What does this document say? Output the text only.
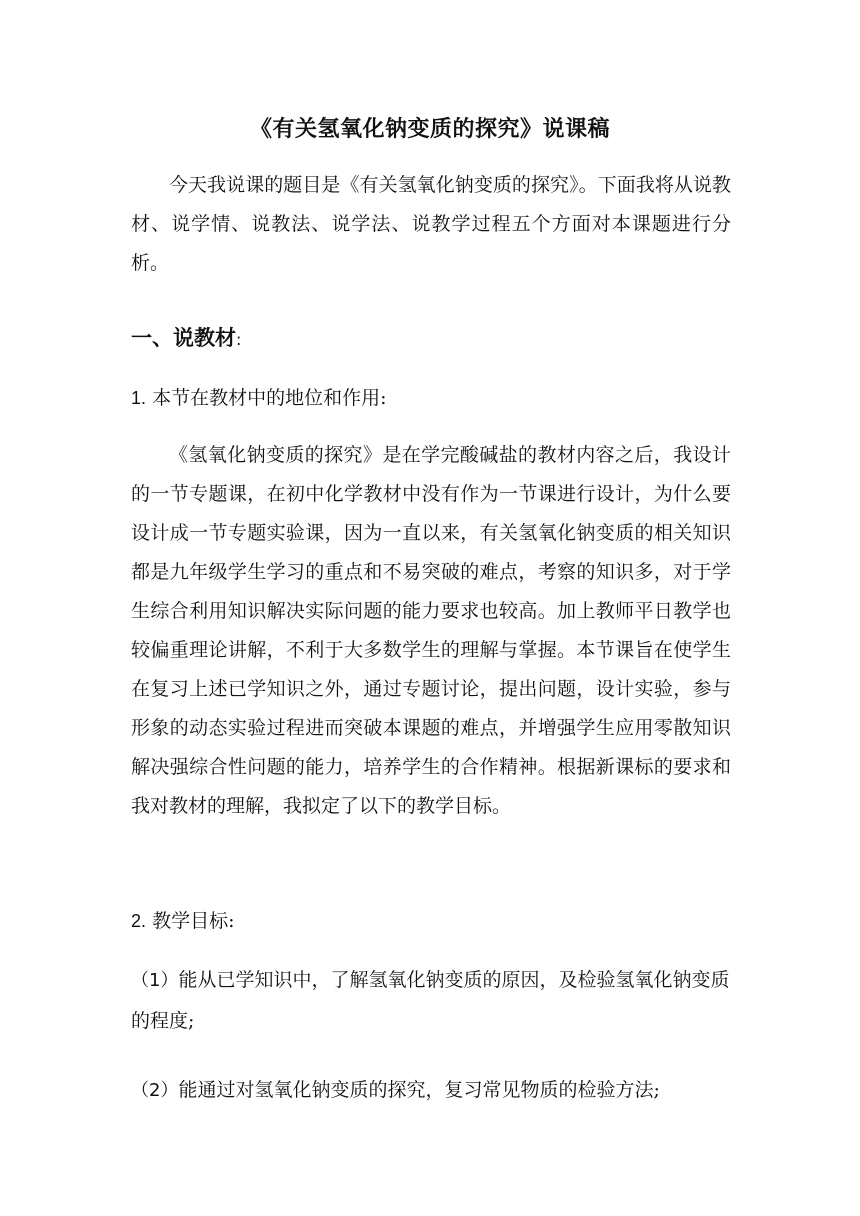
《有关氢氧化钠变质的探究》说课稿

今天我说课的题目是《有关氢氧化钠变质的探究》。下面我将从说教材、说学情、说教法、说学法、说教学过程五个方面对本课题进行分析。

一、说教材:
1. 本节在教材中的地位和作用:

《氢氧化钠变质的探究》是在学完酸碱盐的教材内容之后，我设计的一节专题课，在初中化学教材中没有作为一节课进行设计，为什么要设计成一节专题实验课，因为一直以来，有关氢氧化钠变质的相关知识都是九年级学生学习的重点和不易突破的难点，考察的知识多，对于学生综合利用知识解决实际问题的能力要求也较高。加上教师平日教学也较偏重理论讲解，不利于大多数学生的理解与掌握。本节课旨在使学生在复习上述已学知识之外，通过专题讨论，提出问题，设计实验，参与形象的动态实验过程进而突破本课题的难点，并增强学生应用零散知识解决强综合性问题的能力，培养学生的合作精神。根据新课标的要求和我对教材的理解，我拟定了以下的教学目标。

2. 教学目标:

（1）能从已学知识中，了解氢氧化钠变质的原因，及检验氢氧化钠变质的程度;

（2）能通过对氢氧化钠变质的探究，复习常见物质的检验方法;
